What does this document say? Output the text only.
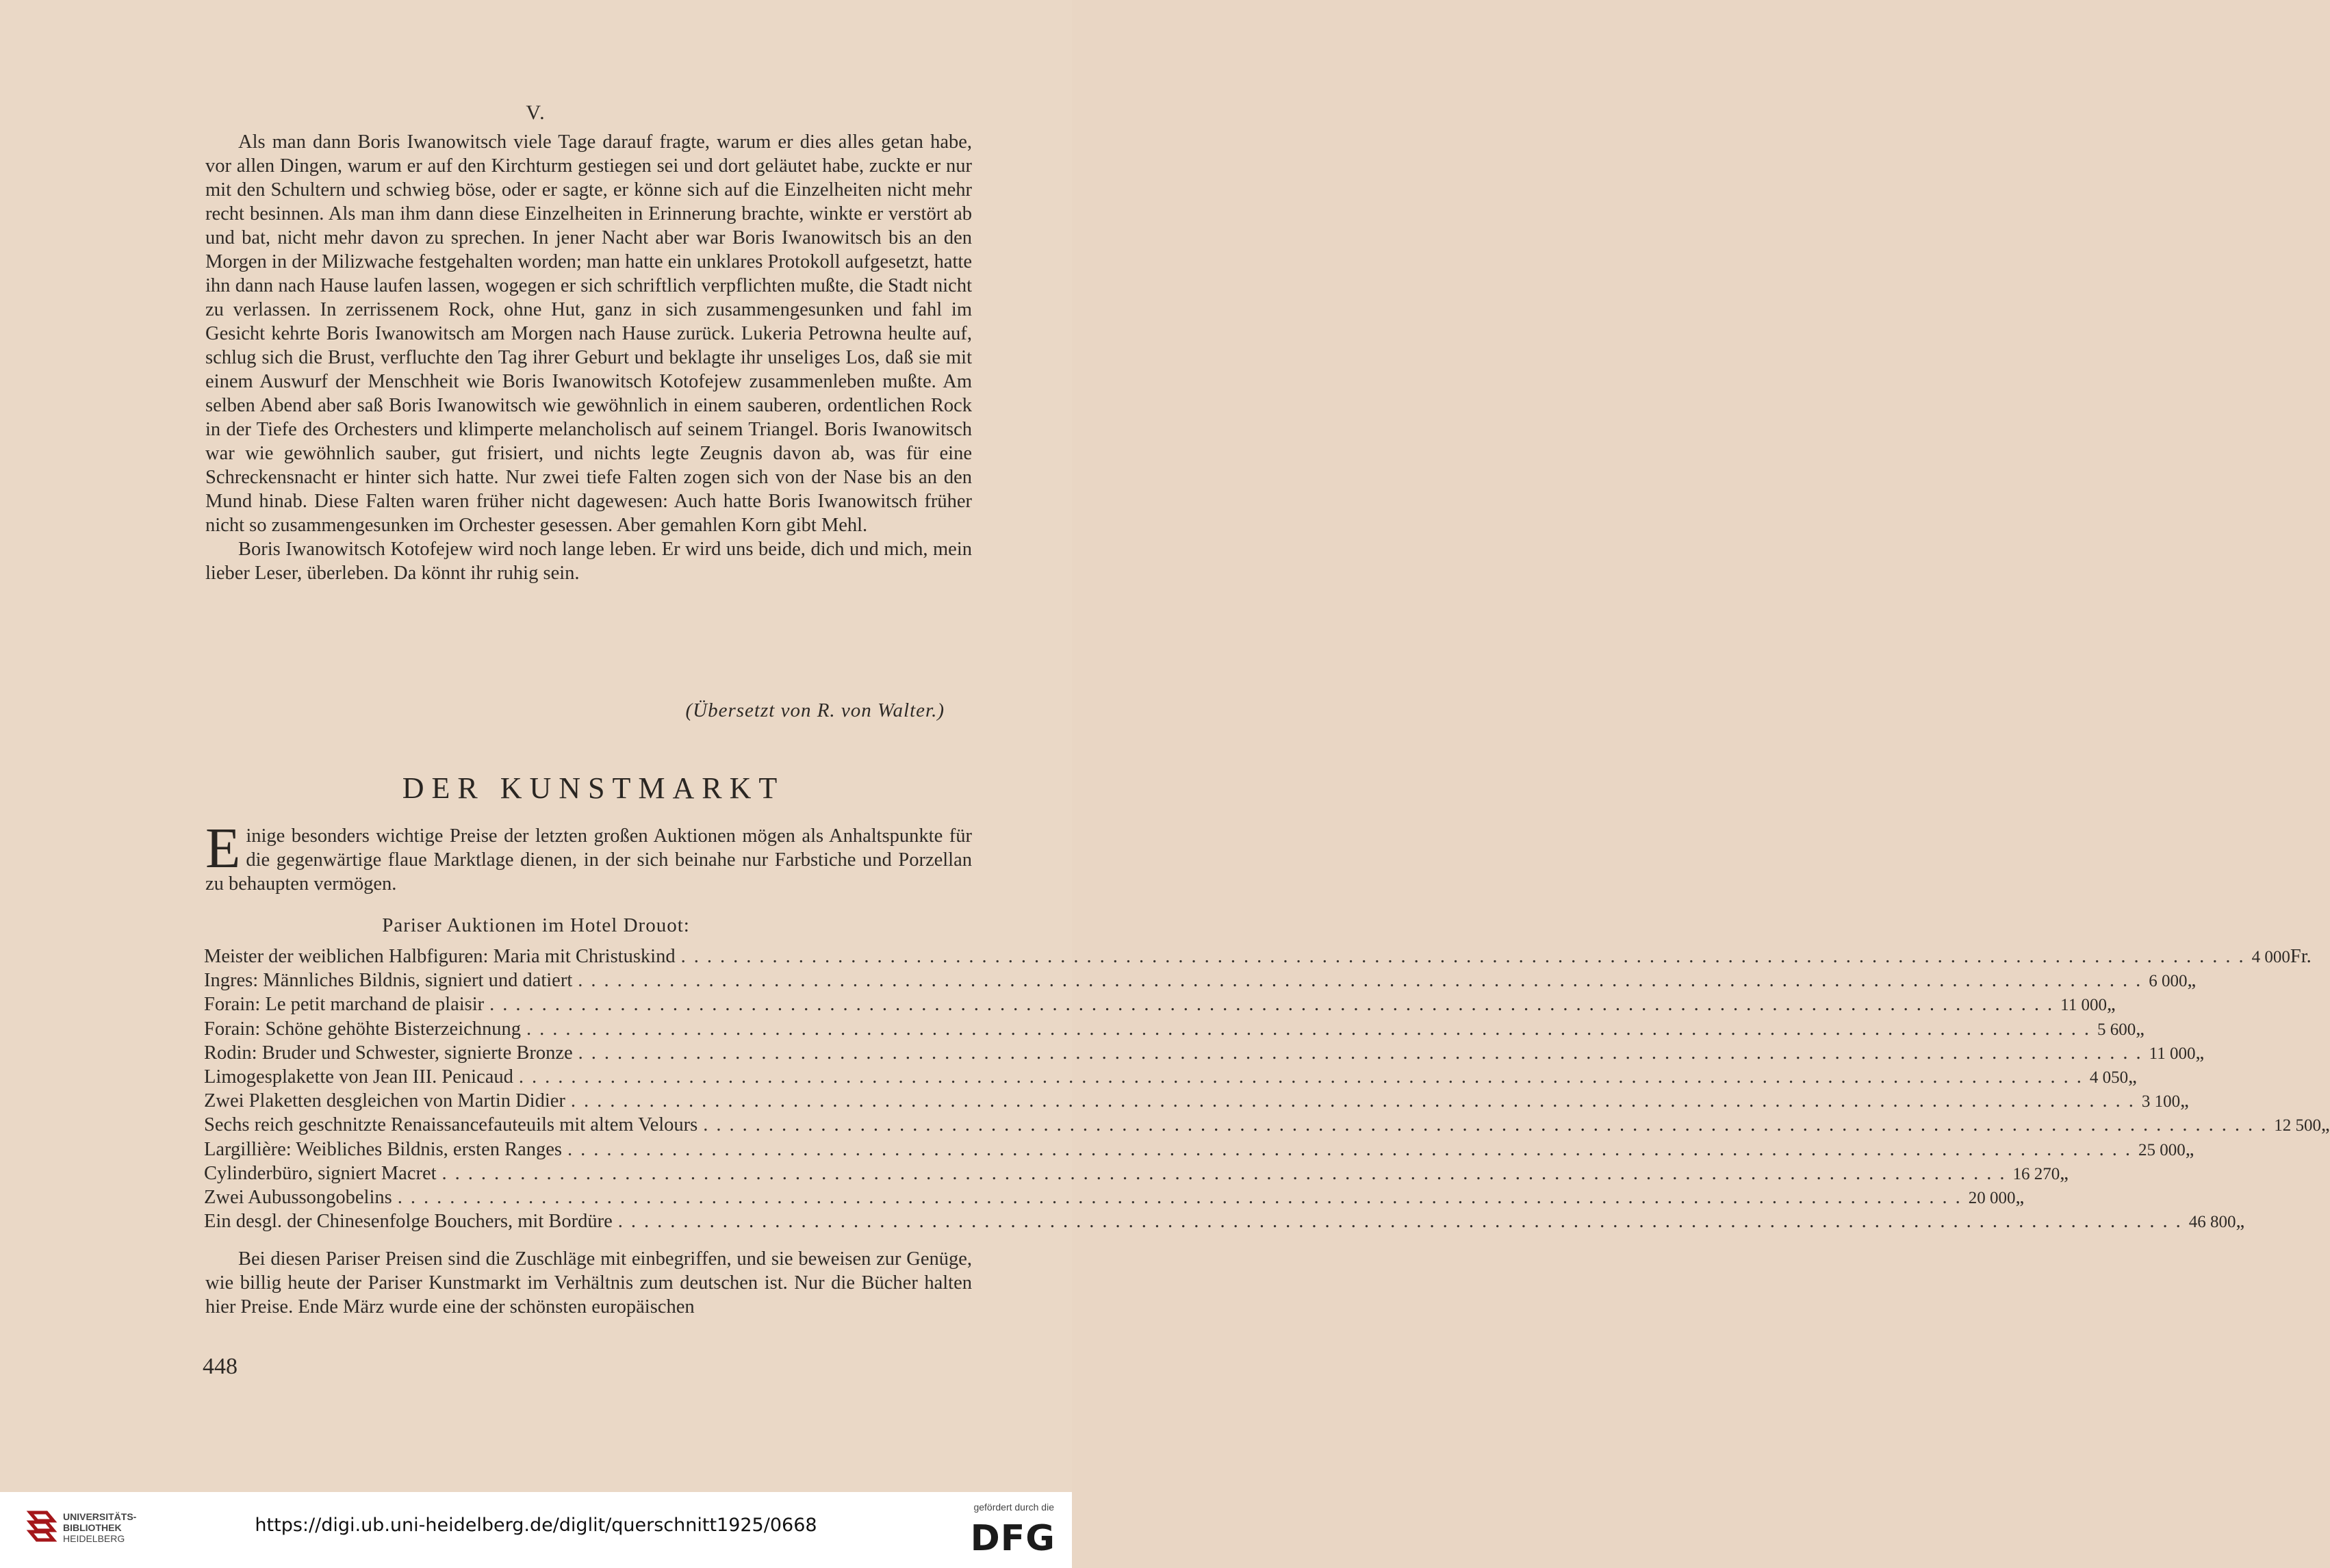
V.

Als man dann Boris Iwanowitsch viele Tage darauf fragte, warum er dies alles getan habe, vor allen Dingen, warum er auf den Kirchturm gestiegen sei und dort geläutet habe, zuckte er nur mit den Schultern und schwieg böse, oder er sagte, er könne sich auf die Einzelheiten nicht mehr recht besinnen. Als man ihm dann diese Einzelheiten in Erinnerung brachte, winkte er verstört ab und bat, nicht mehr davon zu sprechen. In jener Nacht aber war Boris Iwanowitsch bis an den Morgen in der Milizwache festgehalten worden; man hatte ein unklares Protokoll aufgesetzt, hatte ihn dann nach Hause laufen lassen, wogegen er sich schriftlich verpflichten mußte, die Stadt nicht zu verlassen. In zerrissenem Rock, ohne Hut, ganz in sich zusammengesunken und fahl im Gesicht kehrte Boris Iwanowitsch am Morgen nach Hause zurück. Lukeria Petrowna heulte auf, schlug sich die Brust, verfluchte den Tag ihrer Geburt und beklagte ihr unseliges Los, daß sie mit einem Auswurf der Menschheit wie Boris Iwanowitsch Kotofejew zusammenleben mußte. Am selben Abend aber saß Boris Iwanowitsch wie gewöhnlich in einem sauberen, ordentlichen Rock in der Tiefe des Orchesters und klimperte melancholisch auf seinem Triangel. Boris Iwanowitsch war wie gewöhnlich sauber, gut frisiert, und nichts legte Zeugnis davon ab, was für eine Schreckensnacht er hinter sich hatte. Nur zwei tiefe Falten zogen sich von der Nase bis an den Mund hinab. Diese Falten waren früher nicht dagewesen: Auch hatte Boris Iwanowitsch früher nicht so zusammengesunken im Orchester gesessen. Aber gemahlen Korn gibt Mehl.

Boris Iwanowitsch Kotofejew wird noch lange leben. Er wird uns beide, dich und mich, mein lieber Leser, überleben. Da könnt ihr ruhig sein.

(Übersetzt von R. von Walter.)
DER KUNSTMARKT

Einige besonders wichtige Preise der letzten großen Auktionen mögen als Anhaltspunkte für die gegenwärtige flaue Marktlage dienen, in der sich beinahe nur Farbstiche und Porzellan zu behaupten vermögen.

Pariser Auktionen im Hotel Drouot:
Meister der weiblichen Halbfiguren: Maria mit Christuskind ........................................................................................................................ 4 000 Fr.
Ingres: Männliches Bildnis, signiert und datiert ........................................................................................................................ 6 000 „
Forain: Le petit marchand de plaisir ........................................................................................................................ 11 000 „
Forain: Schöne gehöhte Bisterzeichnung ........................................................................................................................ 5 600 „
Rodin: Bruder und Schwester, signierte Bronze ........................................................................................................................ 11 000 „
Limogesplakette von Jean III. Penicaud ........................................................................................................................ 4 050 „
Zwei Plaketten desgleichen von Martin Didier ........................................................................................................................ 3 100 „
Sechs reich geschnitzte Renaissancefauteuils mit altem Velours ........................................................................................................................ 12 500 „
Largillière: Weibliches Bildnis, ersten Ranges ........................................................................................................................ 25 000 „
Cylinderbüro, signiert Macret ........................................................................................................................ 16 270 „
Zwei Aubussongobelins ........................................................................................................................ 20 000 „
Ein desgl. der Chinesenfolge Bouchers, mit Bordüre ........................................................................................................................ 46 800 „

Bei diesen Pariser Preisen sind die Zuschläge mit einbegriffen, und sie beweisen zur Genüge, wie billig heute der Pariser Kunstmarkt im Verhältnis zum deutschen ist. Nur die Bücher halten hier Preise. Ende März wurde eine der schönsten europäischen

448
UNIVERSITÄTS-
BIBLIOTHEK
HEIDELBERG
https://digi.ub.uni-heidelberg.de/diglit/querschnitt1925/0668
gefördert durch die
DFG
